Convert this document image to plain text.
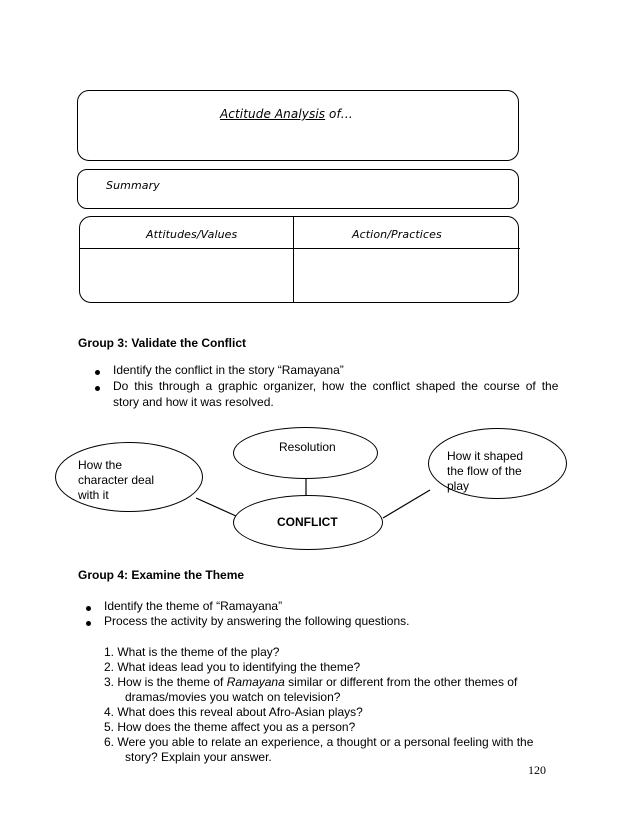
Actitude Analysis of…
Summary
Attitudes/Values	Action/Practices
Group 3: Validate the Conflict
Identify the conflict in the story “Ramayana”
Do this through a graphic organizer, how the conflict shaped the course of the
story and how it was resolved.
Resolution
How the
character deal
with it
How it shaped
the flow of the
play
CONFLICT
Group 4: Examine the Theme
Identify the theme of “Ramayana”
Process the activity by answering the following questions.
1. What is the theme of the play?
2. What ideas lead you to identifying the theme?
3. How is the theme of Ramayana similar or different from the other themes of
dramas/movies you watch on television?
4. What does this reveal about Afro-Asian plays?
5. How does the theme affect you as a person?
6. Were you able to relate an experience, a thought or a personal feeling with the
story? Explain your answer.
120
